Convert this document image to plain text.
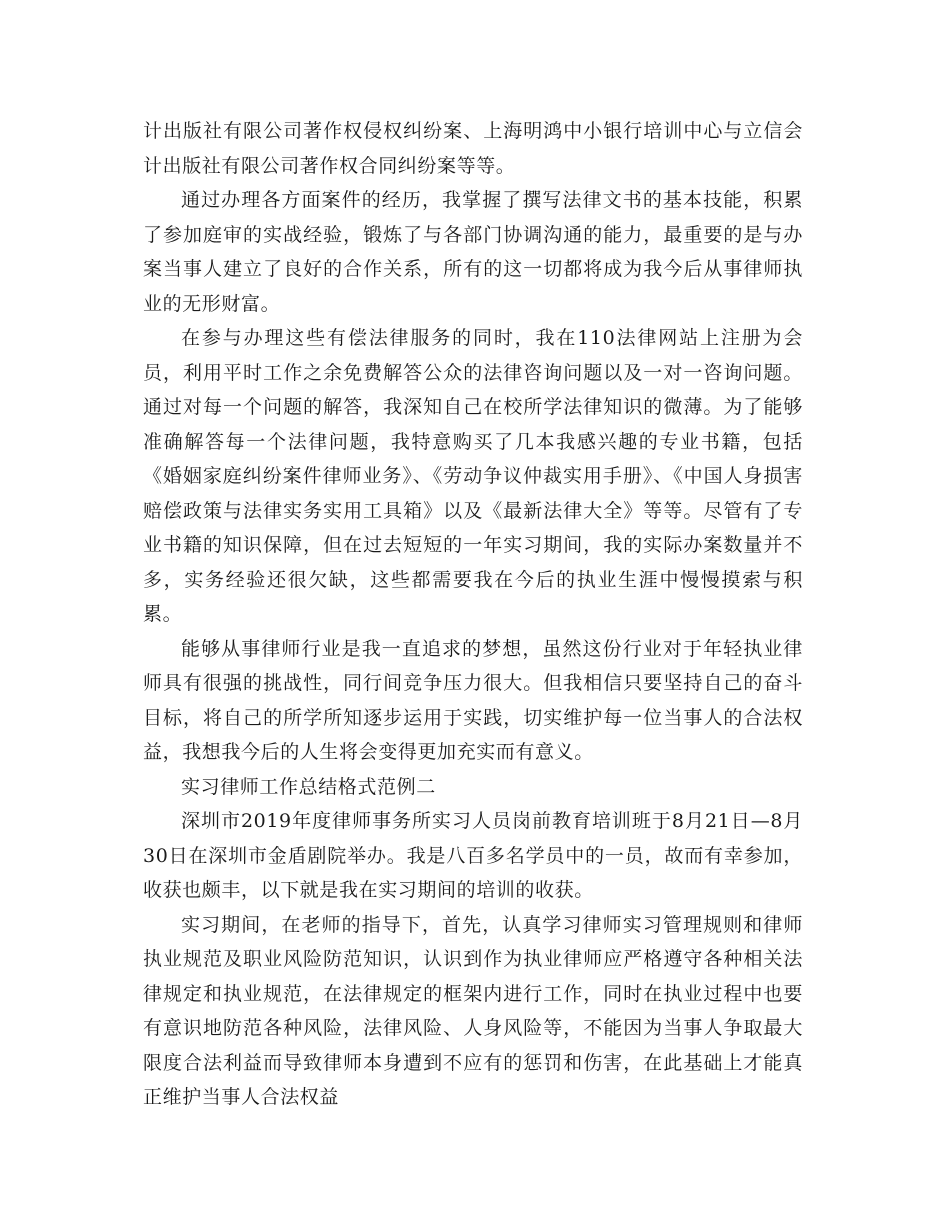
计出版社有限公司著作权侵权纠纷案、上海明鸿中小银行培训中心与立信会计出版社有限公司著作权合同纠纷案等等。

通过办理各方面案件的经历，我掌握了撰写法律文书的基本技能，积累了参加庭审的实战经验，锻炼了与各部门协调沟通的能力，最重要的是与办案当事人建立了良好的合作关系，所有的这一切都将成为我今后从事律师执业的无形财富。

在参与办理这些有偿法律服务的同时，我在110法律网站上注册为会员，利用平时工作之余免费解答公众的法律咨询问题以及一对一咨询问题。通过对每一个问题的解答，我深知自己在校所学法律知识的微薄。为了能够准确解答每一个法律问题，我特意购买了几本我感兴趣的专业书籍，包括《婚姻家庭纠纷案件律师业务》、《劳动争议仲裁实用手册》、《中国人身损害赔偿政策与法律实务实用工具箱》以及《最新法律大全》等等。尽管有了专业书籍的知识保障，但在过去短短的一年实习期间，我的实际办案数量并不多，实务经验还很欠缺，这些都需要我在今后的执业生涯中慢慢摸索与积累。

能够从事律师行业是我一直追求的梦想，虽然这份行业对于年轻执业律师具有很强的挑战性，同行间竞争压力很大。但我相信只要坚持自己的奋斗目标，将自己的所学所知逐步运用于实践，切实维护每一位当事人的合法权益，我想我今后的人生将会变得更加充实而有意义。

实习律师工作总结格式范例二

深圳市2019年度律师事务所实习人员岗前教育培训班于8月21日—8月30日在深圳市金盾剧院举办。我是八百多名学员中的一员，故而有幸参加，收获也颇丰，以下就是我在实习期间的培训的收获。

实习期间，在老师的指导下，首先，认真学习律师实习管理规则和律师执业规范及职业风险防范知识，认识到作为执业律师应严格遵守各种相关法律规定和执业规范，在法律规定的框架内进行工作，同时在执业过程中也要有意识地防范各种风险，法律风险、人身风险等，不能因为当事人争取最大限度合法利益而导致律师本身遭到不应有的惩罚和伤害，在此基础上才能真正维护当事人合法权益
